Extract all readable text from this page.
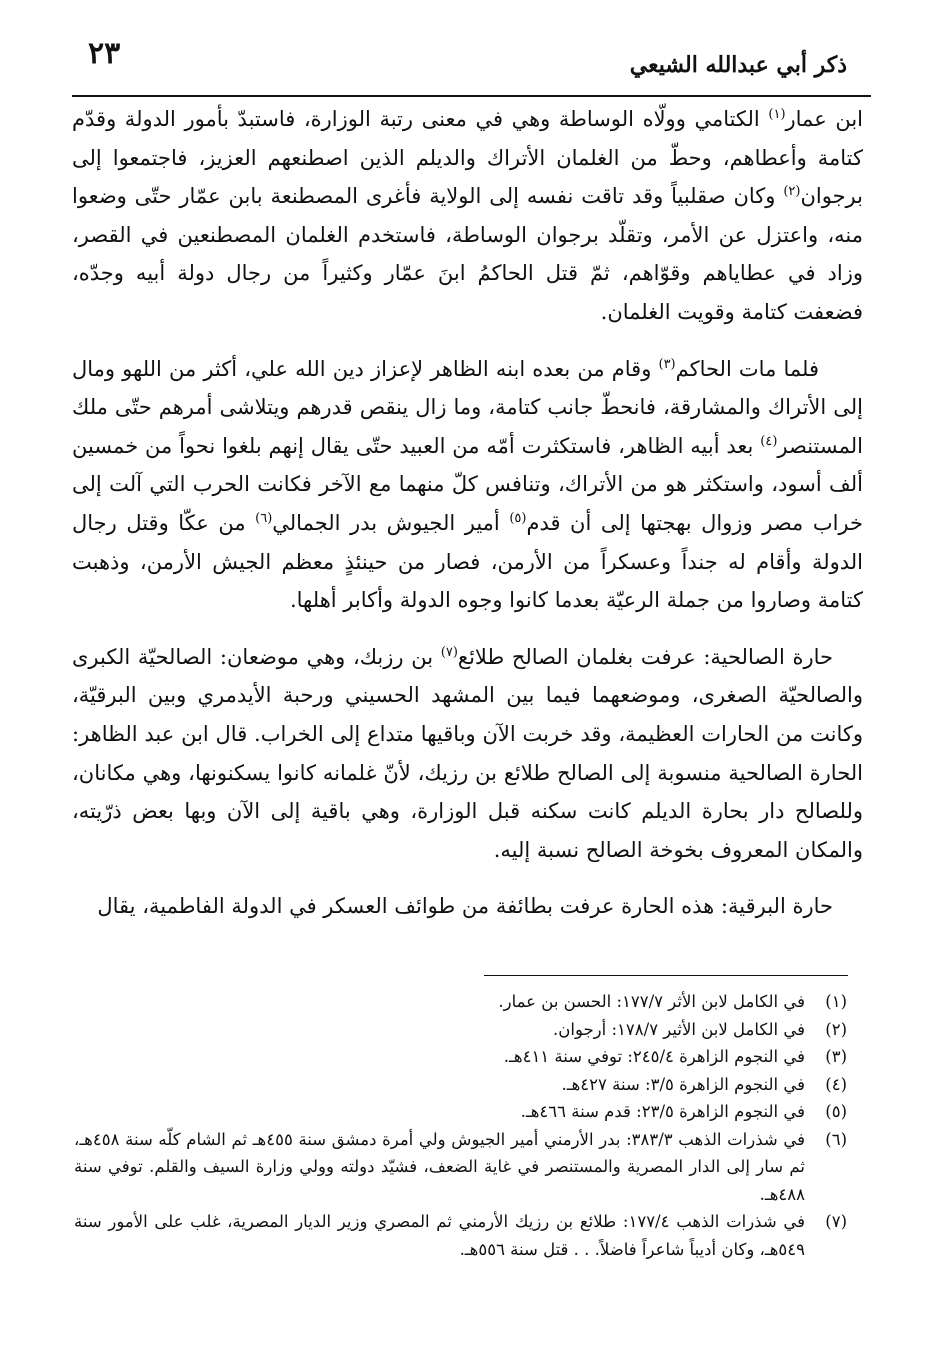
٢٣	ذكر أبي عبدالله الشيعي

ابن عمار$^{(١)}$ الكتامي وولّاه الوساطة وهي في معنى رتبة الوزارة، فاستبدّ بأمور الدولة وقدّم كتامة وأعطاهم، وحطّ من الغلمان الأتراك والديلم الذين اصطنعهم العزيز، فاجتمعوا إلى برجوان$^{(٢)}$ وكان صقلبياً وقد تاقت نفسه إلى الولاية فأغرى المصطنعة بابن عمّار حتّى وضعوا منه، واعتزل عن الأمر، وتقلّد برجوان الوساطة، فاستخدم الغلمان المصطنعين في القصر، وزاد في عطاياهم وقوّاهم، ثمّ قتل الحاكمُ ابنَ عمّار وكثيراً من رجال دولة أبيه وجدّه، فضعفت كتامة وقويت الغلمان.

فلما مات الحاكم$^{(٣)}$ وقام من بعده ابنه الظاهر لإعزاز دين الله علي، أكثر من اللهو ومال إلى الأتراك والمشارقة، فانحطّ جانب كتامة، وما زال ينقص قدرهم ويتلاشى أمرهم حتّى ملك المستنصر$^{(٤)}$ بعد أبيه الظاهر، فاستكثرت أمّه من العبيد حتّى يقال إنهم بلغوا نحواً من خمسين ألف أسود، واستكثر هو من الأتراك، وتنافس كلّ منهما مع الآخر فكانت الحرب التي آلت إلى خراب مصر وزوال بهجتها إلى أن قدم$^{(٥)}$ أمير الجيوش بدر الجمالي$^{(٦)}$ من عكّا وقتل رجال الدولة وأقام له جنداً وعسكراً من الأرمن، فصار من حينئذٍ معظم الجيش الأرمن، وذهبت كتامة وصاروا من جملة الرعيّة بعدما كانوا وجوه الدولة وأكابر أهلها.

حارة الصالحية: عرفت بغلمان الصالح طلائع$^{(٧)}$ بن رزبك، وهي موضعان: الصالحيّة الكبرى والصالحيّة الصغرى، وموضعهما فيما بين المشهد الحسيني ورحبة الأيدمري وبين البرقيّة، وكانت من الحارات العظيمة، وقد خربت الآن وباقيها متداع إلى الخراب. قال ابن عبد الظاهر: الحارة الصالحية منسوبة إلى الصالح طلائع بن رزيك، لأنّ غلمانه كانوا يسكنونها، وهي مكانان، وللصالح دار بحارة الديلم كانت سكنه قبل الوزارة، وهي باقية إلى الآن وبها بعض ذرّيته، والمكان المعروف بخوخة الصالح نسبة إليه.

حارة البرقية: هذه الحارة عرفت بطائفة من طوائف العسكر في الدولة الفاطمية، يقال

(١)
في الكامل لابن الأثر ١٧٧/٧: الحسن بن عمار.
(٢)
في الكامل لابن الأثير ١٧٨/٧: أرجوان.
(٣)
في النجوم الزاهرة ٢٤٥/٤: توفي سنة ٤١١هـ.
(٤)
في النجوم الزاهرة ٣/٥: سنة ٤٢٧هـ.
(٥)
في النجوم الزاهرة ٢٣/٥: قدم سنة ٤٦٦هـ.
(٦)
في شذرات الذهب ٣٨٣/٣: بدر الأرمني أمير الجيوش ولي أمرة دمشق سنة ٤٥٥هـ ثم الشام كلّه سنة ٤٥٨هـ، ثم سار إلى الدار المصرية والمستنصر في غاية الضعف، فشيّد دولته وولي وزارة السيف والقلم. توفي سنة ٤٨٨هـ.
(٧)
في شذرات الذهب ١٧٧/٤: طلائع بن رزيك الأرمني ثم المصري وزير الديار المصرية، غلب على الأمور سنة ٥٤٩هـ، وكان أديباً شاعراً فاضلاً. . . قتل سنة ٥٥٦هـ.
